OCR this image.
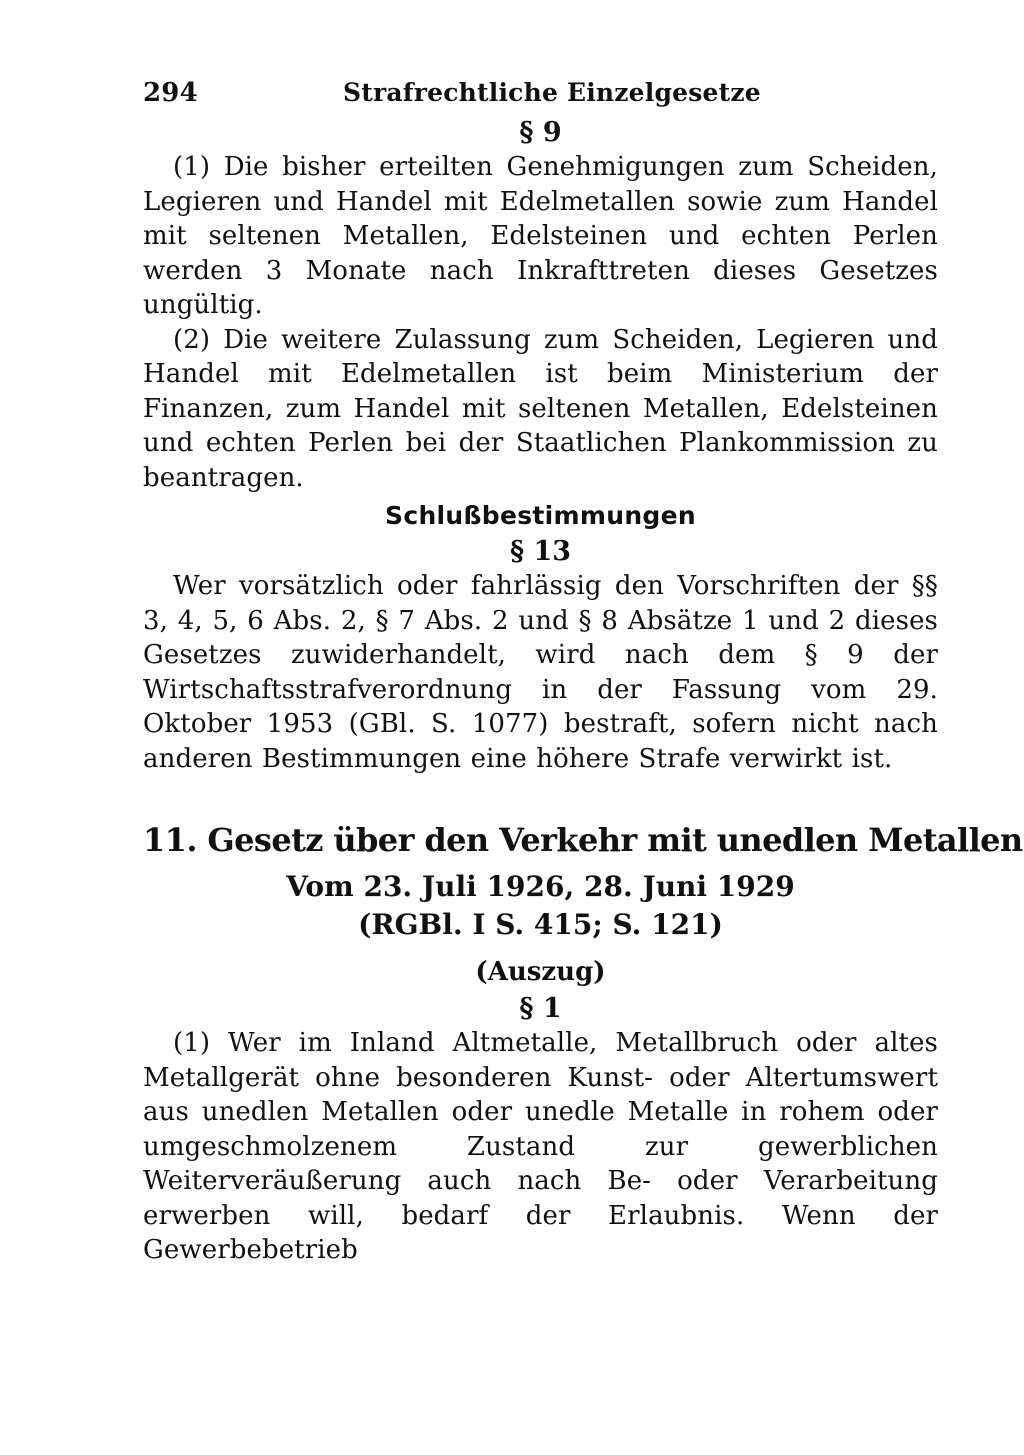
294	Strafrechtliche Einzelgesetze
§ 9

(1) Die bisher erteilten Genehmigungen zum Scheiden, Legieren und Handel mit Edelmetallen sowie zum Handel mit seltenen Metallen, Edelsteinen und echten Perlen werden 3 Monate nach Inkrafttreten dieses Gesetzes ungültig.

(2) Die weitere Zulassung zum Scheiden, Legieren und Handel mit Edelmetallen ist beim Ministerium der Finanzen, zum Handel mit seltenen Metallen, Edelsteinen und echten Perlen bei der Staatlichen Plankommission zu beantragen.

Schlußbestimmungen
§ 13

Wer vorsätzlich oder fahrlässig den Vorschriften der §§ 3, 4, 5, 6 Abs. 2, § 7 Abs. 2 und § 8 Absätze 1 und 2 dieses Gesetzes zuwiderhandelt, wird nach dem § 9 der Wirtschaftsstrafverordnung in der Fassung vom 29. Oktober 1953 (GBl. S. 1077) bestraft, sofern nicht nach anderen Bestimmungen eine höhere Strafe verwirkt ist.

11. Gesetz über den Verkehr mit unedlen Metallen
Vom 23. Juli 1926, 28. Juni 1929
(RGBl. I S. 415; S. 121)
(Auszug)
§ 1

(1) Wer im Inland Altmetalle, Metallbruch oder altes Metallgerät ohne besonderen Kunst- oder Altertumswert aus unedlen Metallen oder unedle Metalle in rohem oder umgeschmolzenem Zustand zur gewerblichen Weiterveräußerung auch nach Be- oder Verarbeitung erwerben will, bedarf der Erlaubnis. Wenn der Gewerbebetrieb
